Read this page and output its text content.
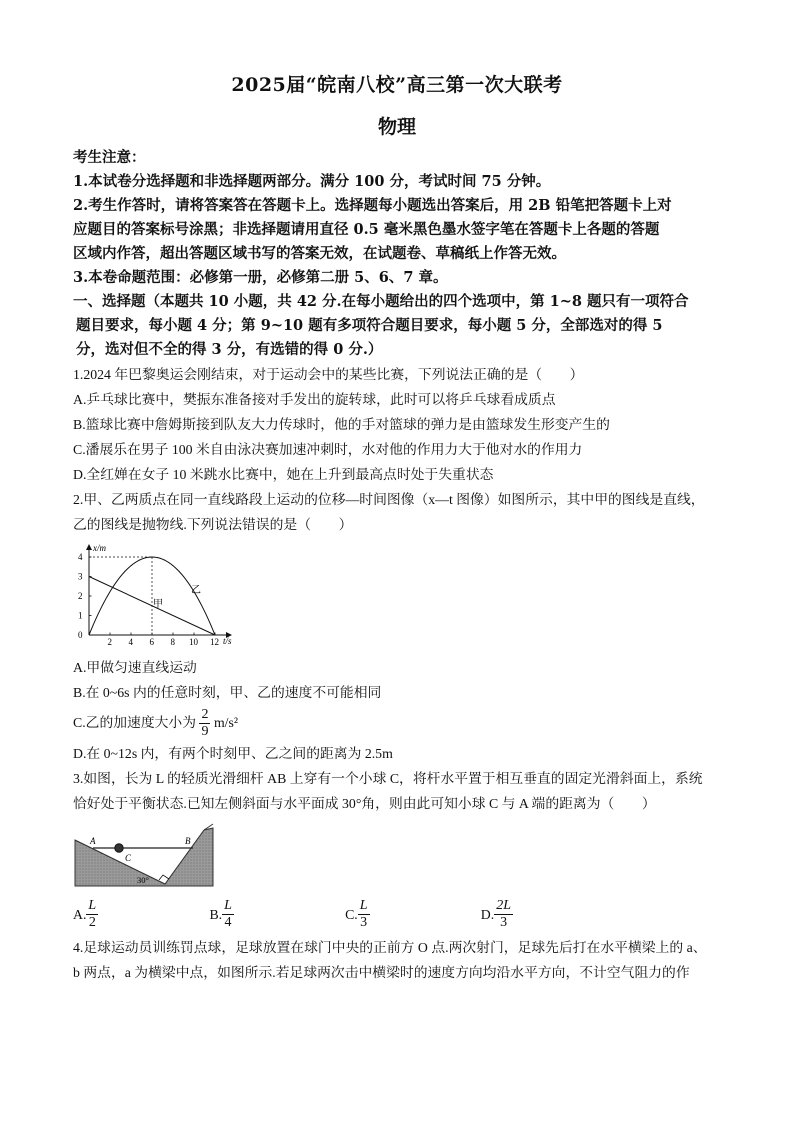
2025届“皖南八校”高三第一次大联考
物理

考生注意：

1.本试卷分选择题和非选择题两部分。满分 100 分，考试时间 75 分钟。

2.考生作答时，请将答案答在答题卡上。选择题每小题选出答案后，用 2B 铅笔把答题卡上对

应题目的答案标号涂黑；非选择题请用直径 0.5 毫米黑色墨水签字笔在答题卡上各题的答题

区域内作答，超出答题区域书写的答案无效，在试题卷、草稿纸上作答无效。

3.本卷命题范围：必修第一册，必修第二册 5、6、7 章。

一、选择题（本题共 10 小题，共 42 分.在每小题给出的四个选项中，第 1~8 题只有一项符合

题目要求，每小题 4 分；第 9~10 题有多项符合题目要求，每小题 5 分，全部选对的得 5

分，选对但不全的得 3 分，有选错的得 0 分.）

1.2024 年巴黎奥运会刚结束，对于运动会中的某些比赛，下列说法正确的是（　　）

A.乒乓球比赛中，樊振东准备接对手发出的旋转球，此时可以将乒乓球看成质点

B.篮球比赛中詹姆斯接到队友大力传球时，他的手对篮球的弹力是由篮球发生形变产生的

C.潘展乐在男子 100 米自由泳决赛加速冲刺时，水对他的作用力大于他对水的作用力

D.全红婵在女子 10 米跳水比赛中，她在上升到最高点时处于失重状态

2.甲、乙两质点在同一直线路段上运动的位移—时间图像（x—t 图像）如图所示，其中甲的图线是直线，

乙的图线是抛物线.下列说法错误的是（　　）

x/m
t/s
2 4 6 8 10 12
0
1
2
3
4
甲
乙

A.甲做匀速直线运动

B.在 0~6s 内的任意时刻，甲、乙的速度不可能相同

C.乙的加速度大小为 $\frac{2}{9} m/s^2$

D.在 0~12s 内，有两个时刻甲、乙之间的距离为 2.5m

3.如图，长为 L 的轻质光滑细杆 AB 上穿有一个小球 C，将杆水平置于相互垂直的固定光滑斜面上，系统

恰好处于平衡状态.已知左侧斜面与水平面成 30°角，则由此可知小球 C 与 A 端的距离为（　　）

A	B
C
30°
A. $\frac{L}{2}$	B. $\frac{L}{4}$	C. $\frac{L}{3}$	D. $\frac{2L}{3}$

4.足球运动员训练罚点球，足球放置在球门中央的正前方 O 点.两次射门，足球先后打在水平横梁上的 a、

b 两点，a 为横梁中点，如图所示.若足球两次击中横梁时的速度方向均沿水平方向，不计空气阻力的作
